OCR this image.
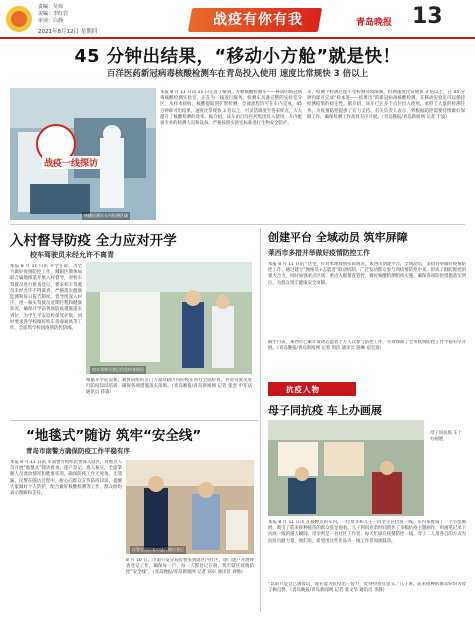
责编：吴琼
美编：李红岩
审读：白静
2021年8月12日 星期四
战疫有你有我	青岛晚报 13
45 分钟出结果，“移动小方舱”就是快！
百洋医药新冠病毒核酸检测车在青岛投入使用 速度比常规快 3 倍以上
战疫一线探访
核酸检测车车内检测区域
本报 8 月 11 日讯 11 日记者了解到，方舱核酸检测车——移动的新冠病毒核酸检测实验室，正在为一线进行服务。检测车具备完整的实验室分区，从样本接收、核酸提取到扩增检测，全部流程均可在车内完成，45 分钟即可出结果，速度比常规快 3 倍以上，可灵活调度至各采样点，大大提升了核酸检测的效率。据介绍，该车由百洋医药集团投入使用，车内配备专业的检测人员和设备，严格按照实验室标准进行生物安全防护。
等，检测个检测过程不受检测环境限制，检测速度比常规快 3 倍以上，在 45 分钟内即可完成“样本进——结果出”的新冠病毒核酸检测，在移动实验室可以保持检测结果的稳定性。据介绍，该车已在多个点位投入使用，承担了大量的检测任务，为疫情防控提供了有力支持。有关负责人表示，将根据防控需要持续做好保障工作，确保检测工作高效有序开展。（青岛晚报/青岛新闻网 记者 于波）
入村督导防疫 全力应对开学
校车驾驶员未经允许不离青
本报 8 月 11 日讯 开学在即，为全力做好疫情防控工作，城阳区教体局联合属地街道开展入村督导，对校车驾驶员进行排查登记，要求校车驾驶员未经允许不得离青，严格落实健康监测和每日报告制度。督导组深入村庄，逐一核实驾驶员近期行程和健康状况，确保开学前各项防疫措施落实到位，为学生平安返校保驾护航。同时要求各学校做好校车消毒通风等工作，全面筑牢校园疫情防控防线。
校车驾驶员登记信息核查情况
根据开学前需要，教体局组织专门力量对辖区内的校车进行全面检查，并对驾驶员进行防疫知识培训，确保各项措施落实落细。（青岛晚报/青岛新闻网 记者 张奎 申军法 通讯员 蒋森）
“地毯式”随访 筑牢“安全线”
青岛市南警方确保防疫工作平稳有序
本报 8 月 11 日讯 市南警方组织民警深入辖区，对重点人员开展“地毯式”随访排查，逐户登记、逐人核实，全面掌握人员流动情况和健康状况，确保防疫工作无死角、无遗漏。民警在随访过程中，耐心向群众宣传防疫知识，提醒大家做好个人防护，配合做好核酸检测等工作，群众纷纷表示理解和支持。
民警在居民家中进行随访登记
8 月 10 日，市南公安分局民警来到辖区内社区，逐门逐户开展排查登记工作，确保每一户、每一人都登记在册，筑牢辖区疫情防控“安全线”。（青岛晚报/青岛新闻网 记者 刘卓 通讯员 刘畅）
创建平台 全域动员 筑牢屏障
莱西市多措并举做好疫情防控工作
本报 8 月 11 日讯 “这里，针对本地疫情实际情况，莱西市创建平台，全域动员，多措并举做好疫情防控工作。通过建立“网格员+志愿者”联动机制，广泛发动群众参与到疫情防控中来，形成了群防群控的强大合力。同时加强重点区域、重点人群排查管控，做好核酸检测组织实施，确保各项防控措施落实到位，为群众筑牢健康安全屏障。
截至目前，莱西市已累计发动志愿者上万人次参与防控工作，有效保障了全市疫情防控工作平稳有序开展。（青岛晚报/青岛新闻网 记者 周洁 通讯员 骆琳 宿宏波）
抗疫人物
母子同抗疫 车上办画展
母子同抗疫 车上办画展
本报 8 月 11 日讯 在接种点的车内，一位母亲和儿子一同坚守在抗疫一线，车内布置成了一个小型画展，吸引了前来接种疫苗的群众驻足观看。儿子利用业余时间创作了多幅抗疫主题画作，用画笔记录下抗疫一线的感人瞬间；母亲则是一名社区工作者，每天忙碌在疫情防控一线。母子二人用各自的方式为抗疫贡献力量，他们说，希望用这些作品为一线工作者加油鼓劲。
“以前只是自己画着玩，现在能为抗疫出一份力，觉得特别有意义。”儿子说。前来接种的群众纷纷为母子俩点赞。（青岛晚报/青岛新闻网 记者 张文华 通讯员 李静）
